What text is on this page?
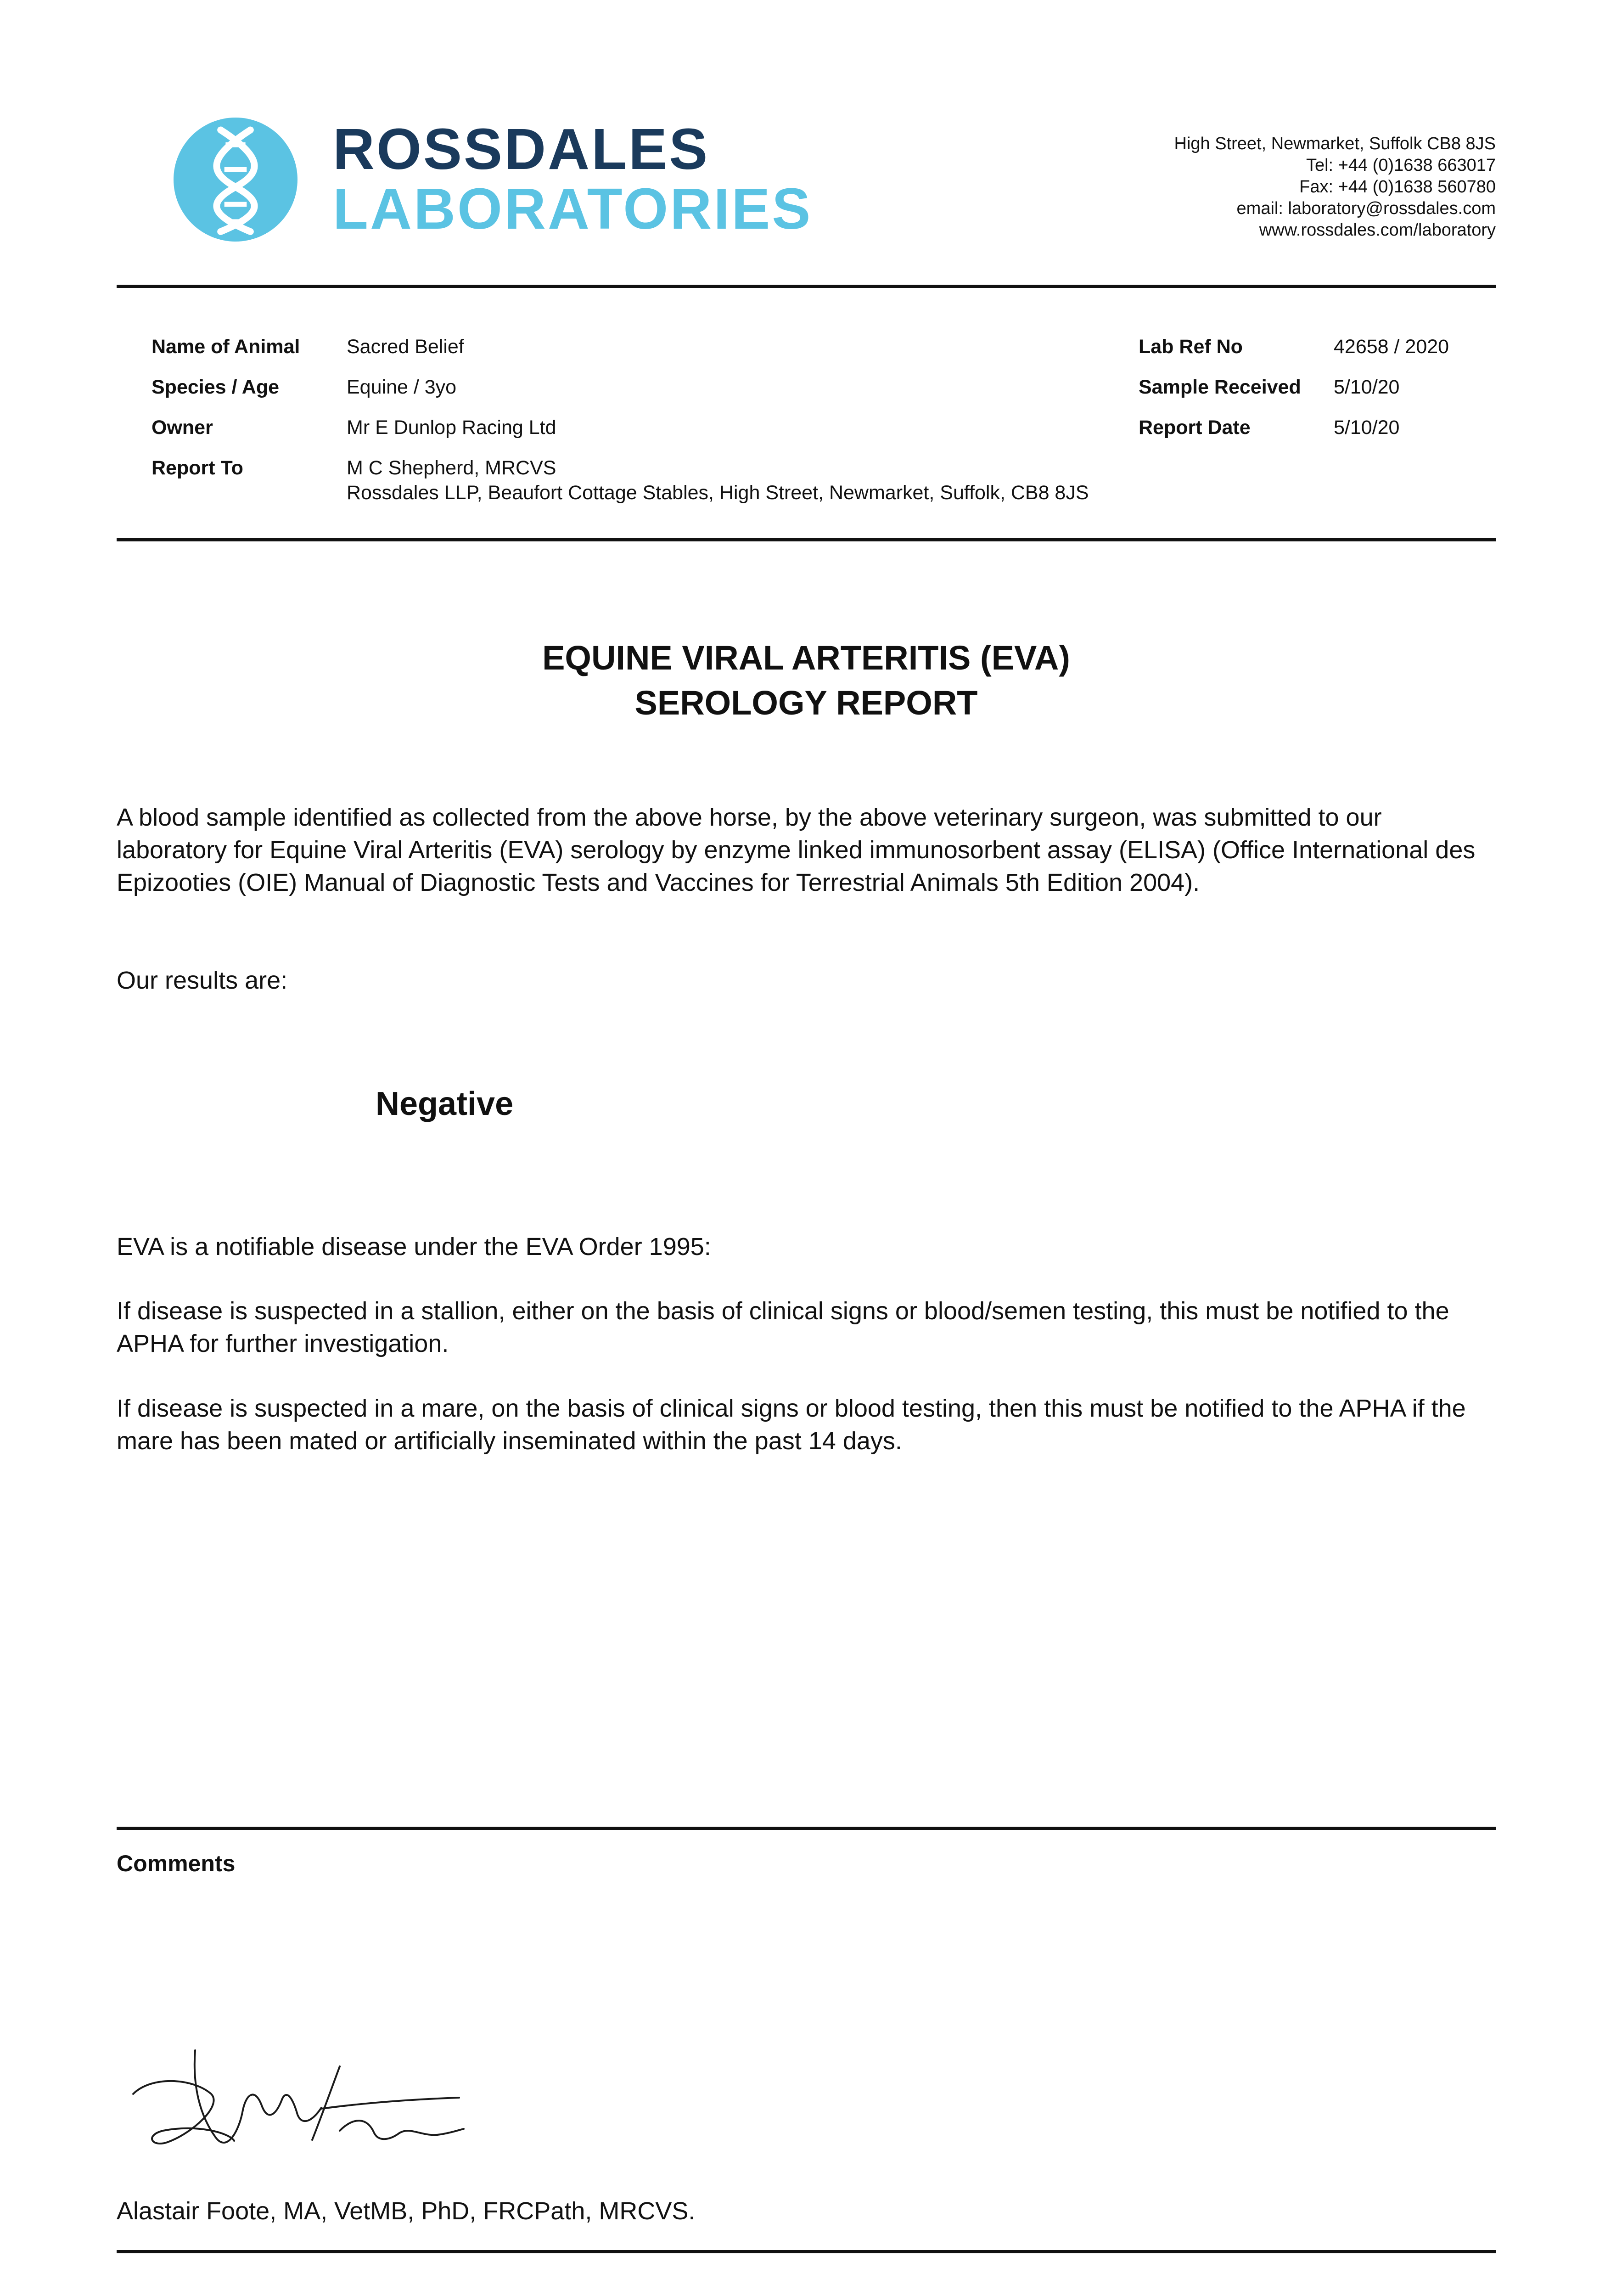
ROSSDALES
LABORATORIES
High Street, Newmarket, Suffolk CB8 8JS
Tel: +44 (0)1638 663017
Fax: +44 (0)1638 560780
email: laboratory@rossdales.com
www.rossdales.com/laboratory
Name of Animal Sacred Belief
Species / Age	Equine / 3yo
Owner	Mr E Dunlop Racing Ltd
Report To	M C Shepherd, MRCVS
Rossdales LLP, Beaufort Cottage Stables, High Street, Newmarket, Suffolk, CB8 8JS
Lab Ref No	42658 / 2020
Sample Received 5/10/20
Report Date	5/10/20
EQUINE VIRAL ARTERITIS (EVA)
SEROLOGY REPORT
A blood sample identified as collected from the above horse, by the above veterinary surgeon, was submitted to our laboratory for Equine Viral Arteritis (EVA) serology by enzyme linked immunosorbent assay (ELISA) (Office International des Epizooties (OIE) Manual of Diagnostic Tests and Vaccines for Terrestrial Animals 5th Edition 2004).
Our results are:
Negative
EVA is a notifiable disease under the EVA Order 1995:
If disease is suspected in a stallion, either on the basis of clinical signs or blood/semen testing, this must be notified to the APHA for further investigation.
If disease is suspected in a mare, on the basis of clinical signs or blood testing, then this must be notified to the APHA if the mare has been mated or artificially inseminated within the past 14 days.
Comments
Alastair Foote, MA, VetMB, PhD, FRCPath, MRCVS.
